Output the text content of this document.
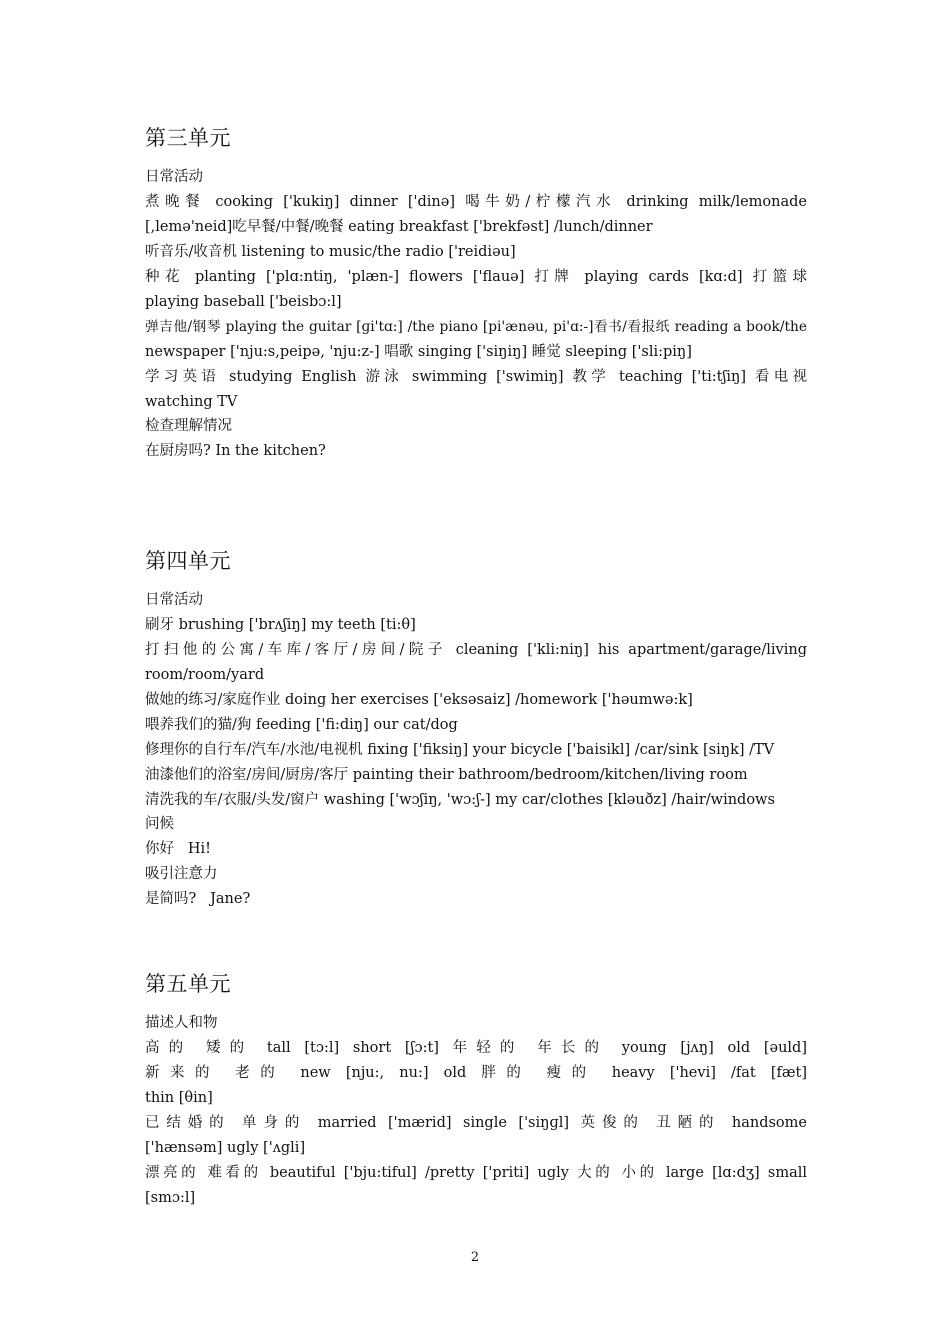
第三单元
日常活动
煮晚餐 cooking ['kukiŋ] dinner ['dinə] 喝牛奶/柠檬汽水 drinking milk/lemonade
[,lemə'neid]吃早餐/中餐/晚餐 eating breakfast ['brekfəst] /lunch/dinner
听音乐/收音机 listening to music/the radio ['reidiəu]
种花 planting ['plɑ:ntiŋ, 'plæn-] flowers ['flauə] 打牌 playing cards [kɑ:d] 打篮球
playing baseball ['beisbɔ:l]
弹吉他/钢琴 playing the guitar [ɡi'tɑ:] /the piano [pi'ænəu, pi'ɑ:-]看书/看报纸 reading a book/the
newspaper ['nju:s,peipə, 'nju:z-] 唱歌 singing ['siŋiŋ] 睡觉 sleeping ['sli:piŋ]
学习英语 studying English 游泳 swimming ['swimiŋ] 教学 teaching ['ti:tʃiŋ] 看电视
watching TV
检查理解情况
在厨房吗? In the kitchen?
第四单元
日常活动
刷牙 brushing ['brʌʃiŋ] my teeth [ti:θ]
打扫他的公寓/车库/客厅/房间/院子 cleaning ['kli:niŋ] his apartment/garage/living
room/room/yard
做她的练习/家庭作业 doing her exercises ['eksəsaiz] /homework ['həumwə:k]
喂养我们的猫/狗 feeding ['fi:diŋ] our cat/dog
修理你的自行车/汽车/水池/电视机 fixing ['fiksiŋ] your bicycle ['baisikl] /car/sink [siŋk] /TV
油漆他们的浴室/房间/厨房/客厅 painting their bathroom/bedroom/kitchen/living room
清洗我的车/衣服/头发/窗户 washing ['wɔʃiŋ, 'wɔ:ʃ-] my car/clothes [kləuðz] /hair/windows
问候
你好   Hi!
吸引注意力
是简吗?   Jane?
第五单元
描述人和物
高的 矮的 tall [tɔ:l] short [ʃɔ:t] 年轻的 年长的 young [jʌŋ] old [əuld]
新来的 老的 new [nju:, nu:] old 胖的 瘦的 heavy ['hevi] /fat [fæt]
thin [θin]
已结婚的 单身的 married ['mærid] single ['siŋɡl] 英俊的 丑陋的 handsome
['hænsəm] ugly ['ʌgli]
漂亮的 难看的 beautiful ['bju:tiful] /pretty ['priti] ugly 大的 小的 large [lɑ:dʒ] small
[smɔ:l]
2
